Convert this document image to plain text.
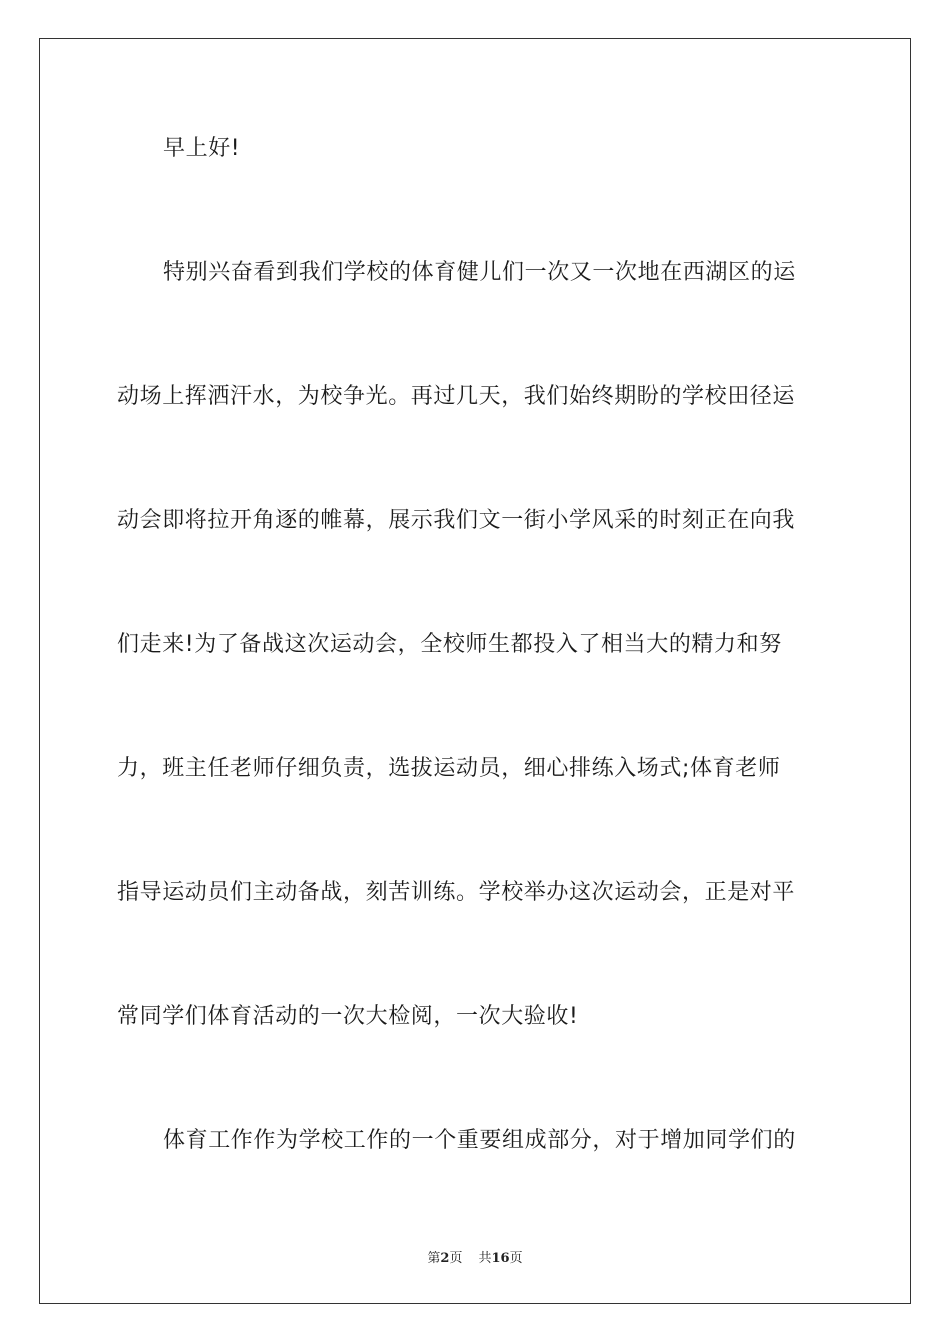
早上好!
特别兴奋看到我们学校的体育健儿们一次又一次地在西湖区的运
动场上挥洒汗水，为校争光。再过几天，我们始终期盼的学校田径运
动会即将拉开角逐的帷幕，展示我们文一街小学风采的时刻正在向我
们走来!为了备战这次运动会，全校师生都投入了相当大的精力和努
力，班主任老师仔细负责，选拔运动员，细心排练入场式;体育老师
指导运动员们主动备战，刻苦训练。学校举办这次运动会，正是对平
常同学们体育活动的一次大检阅，一次大验收!
体育工作作为学校工作的一个重要组成部分，对于增加同学们的
第2页 共16页
